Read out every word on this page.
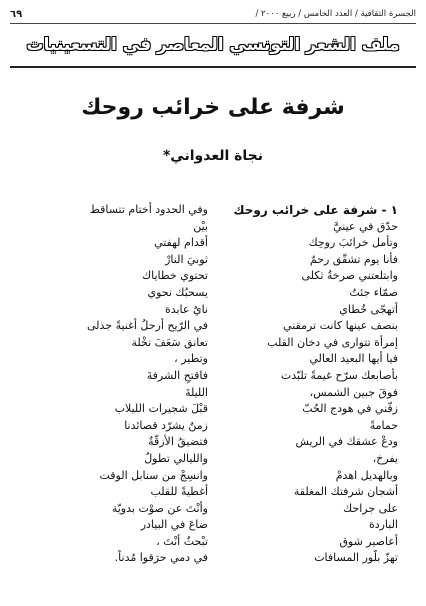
الجسرة الثقافية / العدد الخامس / ربيع ٢٠٠٠ /
٦٩
ملف الشعر التونسي المعاصر في التسعينيات
شرفة على خرائب روحك
نجاة العدواني*
١ - شرفة على خرائب روحك
حدّق في عينيَّ
وتأمل خرائبَ روحِك
فأنا يوم تشقّق رحمٌ
وابتلعتني صرخةُ ثكلى
صمّاء جئتُ
أتهجّى خُطاي
بنصف عينها كانت ترمقني
إمرأة تتوارى في دخان القلب
فيا أيها البعيد العالي
بأصابعك سرّح غيمةً تلبّدت
فوقَ جبين الشمس،
زفّني في هودج الحُبّ
حمامةً
ودعْ عشقك في الريش
يفرخ،
وبالهديل اهدمْ
أشجان شرفتك المغلقة
على جراحك
الباردة
أعاصير شوق
تهزّ بلّور المسافات
وفي الحدود أختام تتساقط
بيْن
أقدام لهفتي
ثوبيَ النارْ
تحتوي خطاياك
يسحبُك نحوي
نايٌ عابدة
في الرّيح أرحلُ أغنيةً جذلى
تعانق سَعَفَ نخْلة
وتطير ،
فاقتحِ الشرفةَ
الليلةَ
قبْلَ شجيرات الليلاب
زمنٌ يشرّد قصائدنا
فتضيقُ الأزقّةُ
والليالي تطولُ
وانسِجْ من سنابل الوقت
أغطيةً للقلب
وأنْتَ عن صوْت بدويّة
ضاعَ في البيادر
تبْحثُ أنْتَ ،
في دمي حرَقوا مُدناً.
